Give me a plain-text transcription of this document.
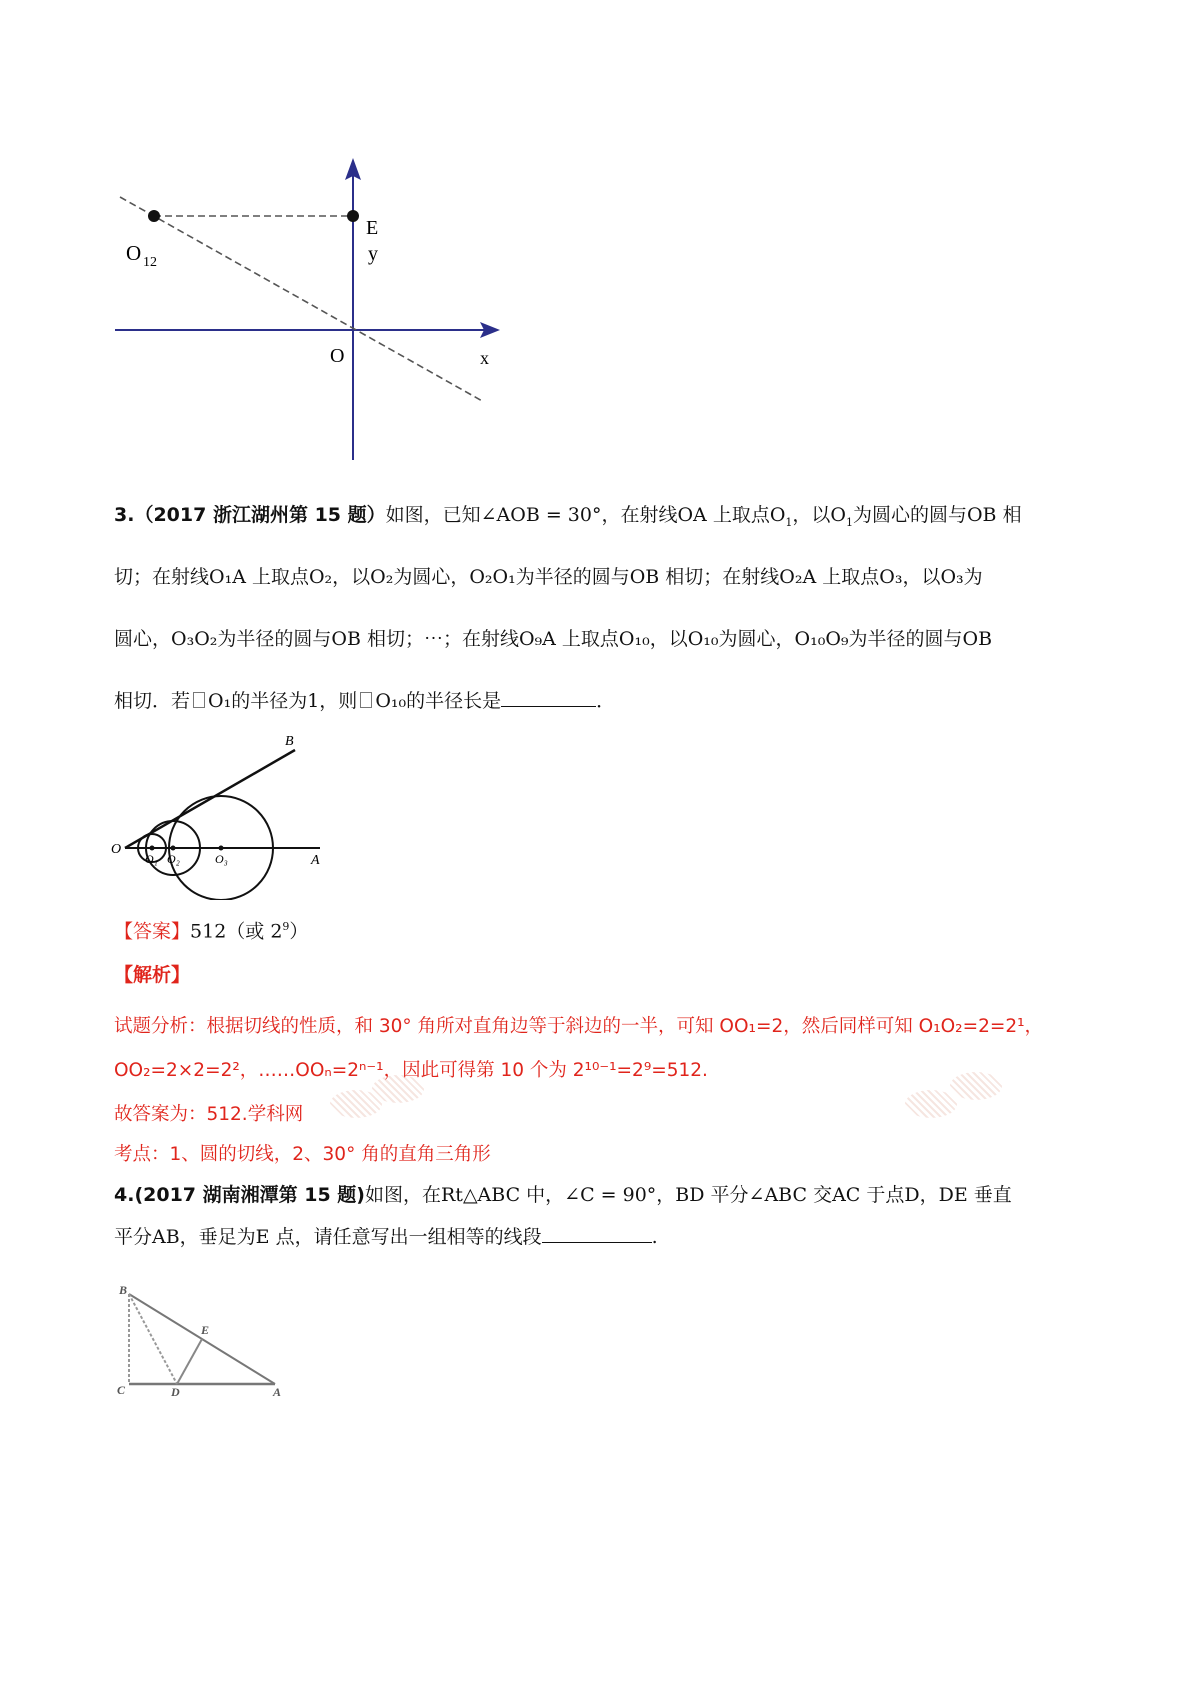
O 12
E
y
O	x
3.（2017 浙江湖州第 15 题）如图，已知∠AOB = 30°，在射线OA 上取点$O_1$，以$O_1$为圆心的圆与OB 相
切；在射线O₁A 上取点O₂，以O₂为圆心，O₂O₁为半径的圆与OB 相切；在射线O₂A 上取点O₃，以O₃为
圆心，O₃O₂为半径的圆与OB 相切；⋯；在射线O₉A 上取点O₁₀，以O₁₀为圆心，O₁₀O₉为半径的圆与OB
相切．若 O₁的半径为1，则 O₁₀的半径长是	．
B
O
O₁ O₂	O₃	A
【答案】512（或 $2^9$）
【解析】
试题分析：根据切线的性质，和 30° 角所对直角边等于斜边的一半，可知 OO₁=2，然后同样可知 O₁O₂=2=2¹，
OO₂=2×2=2²，……OOₙ=2ⁿ⁻¹，因此可得第 10 个为 2¹⁰⁻¹=2⁹=512.
故答案为：512.学科网
考点：1、圆的切线，2、30° 角的直角三角形
4.(2017 湖南湘潭第 15 题)如图，在Rt△ABC 中，∠C = 90°，BD 平分∠ABC 交AC 于点D，DE 垂直
平分AB，垂足为E 点，请任意写出一组相等的线段	.
B
E
C	D	A
